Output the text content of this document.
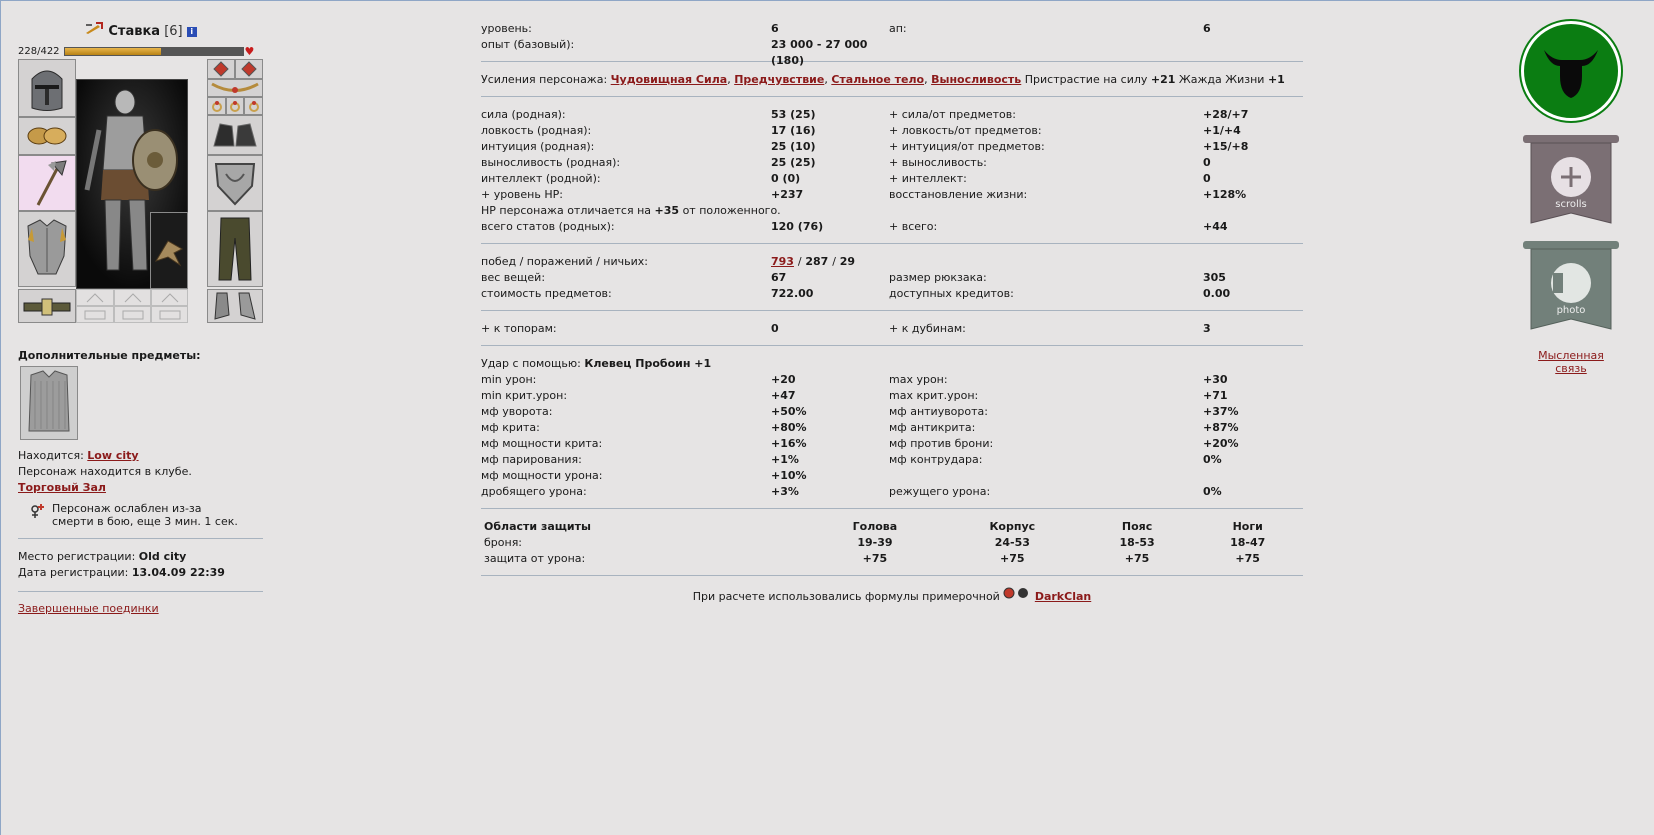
Ставка [6] i
228/422	♥
Дополнительные предметы:
Находится: Low city
Персонаж находится в клубе.
Торговый Зал
Персонаж ослаблен из-за смерти в бою, еще 3 мин. 1 сек.
Место регистрации: Old city
Дата регистрации: 13.04.09 22:39
Завершенные поединки
уровень:	6	ап:	6
опыт (базовый):	23 000 - 27 000 (180)
Усиления персонажа: Чудовищная Сила, Предчувствие, Стальное тело, Выносливость Пристрастие на силу +21 Жажда Жизни +1
сила (родная):	53 (25)	+ сила/от предметов:	+28/+7
ловкость (родная):	17 (16)	+ ловкость/от предметов:	+1/+4
интуиция (родная):	25 (10)	+ интуиция/от предметов:	+15/+8
выносливость (родная):	25 (25)	+ выносливость:	0
интеллект (родной):	0 (0)	+ интеллект:	0
+ уровень HP:	+237	восстановление жизни:	+128%
HP персонажа отличается на
+35
от положенного.
всего статов (родных):	120 (76)	+ всего:	+44
побед / поражений / ничьих:	793 / 287 / 29
вес вещей:	67	размер рюкзака:	305
стоимость предметов:	722.00	доступных кредитов:	0.00
+ к топорам:	0	+ к дубинам:	3
Удар с помощью:
Клевец Пробоин +1
min урон:	+20	max урон:	+30
min крит.урон:	+47	max крит.урон:	+71
мф уворота:	+50%	мф антиуворота:	+37%
мф крита:	+80%	мф антикрита:	+87%
мф мощности крита:	+16%	мф против брони:	+20%
мф парирования:	+1%	мф контрудара:	0%
мф мощности урона:	+10%
дробящего урона:	+3%	режущего урона:	0%
Области защиты	Голова	Корпус	Пояс	Ноги
броня:	19-39	24-53	18-53	18-47
защита от урона:	+75	+75	+75	+75
При расчете использовались формулы примерочной	DarkClan
scrolls
photo
Мысленная связь
